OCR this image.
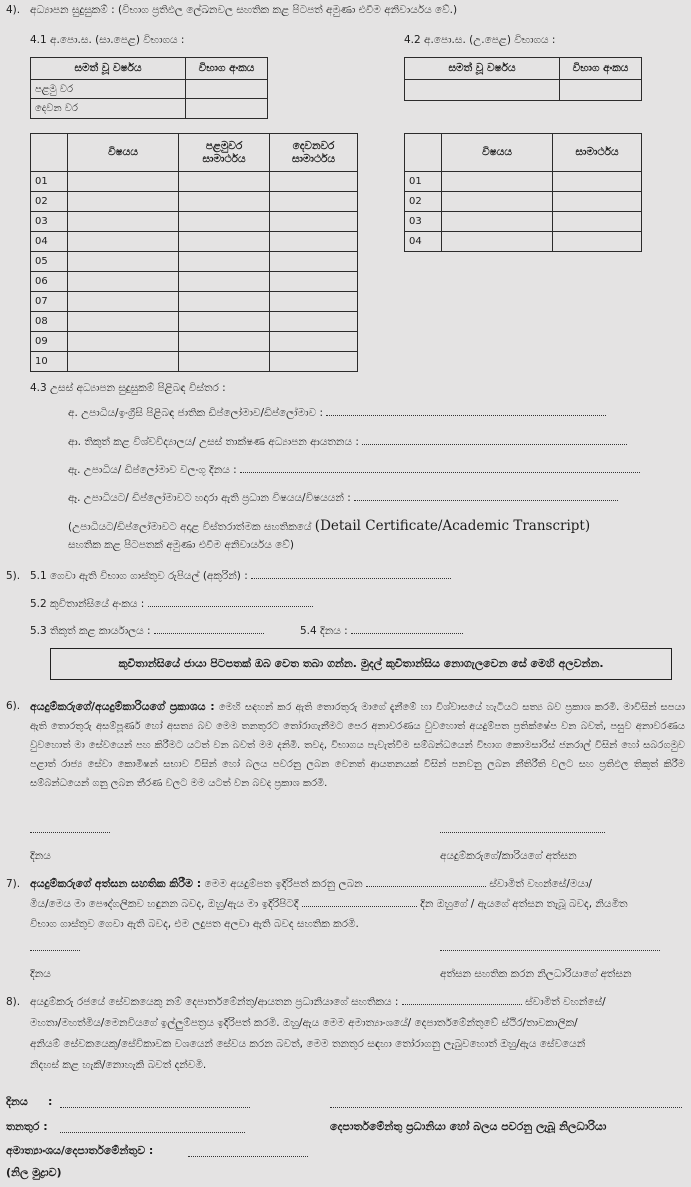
4). අධ්‍යාපන සුදුසුකම් : (විභාග ප්‍රතිඵල ලේඛනවල සහතික කළ පිටපත් අමුණා එවීම අනිවාර්යය වේ.)
4.1 අ.පො.ස. (සා.පෙළ) විභාගය :	4.2 අ.පො.ස. (උ.පෙළ) විභාගය :
සමත් වූ වර්ෂය	විභාග අංකය
පළමු වර	
දෙවන වර	
සමත් වූ වර්ෂය	විභාග අංකය

	විෂයය	පළමුවර සාමාර්ථය	දෙවනවර සාමාර්ථය
01			
02			
03			
04			
05			
06			
07			
08			
09			
10			
	විෂයය	සාමාර්ථය
01		
02		
03		
04		
4.3 උසස් අධ්‍යාපන සුදුසුකම් පිළිබඳ විස්තර :
අ. උපාධිය/ඉංග්‍රීසි පිළිබඳ ජාතික ඩිප්ලෝමාව/ඩිප්ලෝමාව :
ආ. තිකුත් කළ විශ්වවිද්‍යාලය/ උසස් තාක්ෂණ අධ්‍යාපන ආයතනය :
ඇ. උපාධිය/ ඩිප්ලෝමාව වලංගු දිනය :
ඈ. උපාධියට/ ඩිප්ලෝමාවට හදාරා ඇති ප්‍රධාන විෂයය/විෂයයන් :
(උපාධියට/ඩිප්ලෝමාවට අදාළ විස්තරාත්මක සහතිකයේ (Detail Certificate/Academic Transcript)
සහතික කළ පිටපතක් අමුණා එවීම අනිවාර්යය වේ)
5). 5.1 ගෙවා ඇති විභාග ගාස්තුව රුපියල් (අකුරින්) :
5.2 කුවිතාන්සියේ අංකය :
5.3 තිකුත් කළ කාර්යාලය :	5.4 දිනය :
කුවිතාන්සියේ ජායා පිටපතක් ඔබ වෙත තබා ගන්න. මුදල් කුවිතාන්සිය නොගැලවෙන සේ මෙහි අලවන්න.
6). අයදුම්කරුගේ/අයදුම්කාරියගේ ප්‍රකාශය : මෙහි සඳහන් කර ඇති තොරතුරු මාගේ දැනීමේ හා විශ්වාසයේ හැටියට සත්‍ය බව ප්‍රකාශ කරමි. මාවිසින් සපයා ඇති තොරතුරු අසම්පූර්ණ හෝ අසත්‍ය බව මෙම තනතුරට තෝරාගැනීමට පෙර අනාවරණය වුවහොත් අයදුම්පත ප්‍රතික්ෂේප වන බවත්, පසුව අනාවරණය වුවහොත් මා සේවයෙන් පහ කිරීමට යටත් වන බවත් මම දනිමි. තවද, විභාගය පැවැත්වීම සම්බන්ධයෙන් විභාග කොමසාරිස් ජනරාල් විසින් හෝ සබරගමුව පළාත් රාජ්‍ය සේවා කොමිෂන් සභාව විසින් හෝ බලය පවරනු ලබන වෙනත් ආයතනයක් විසින් පනවනු ලබන නීතිරීති වලට සහ ප්‍රතිඵල තිකුත් කිරීම සම්බන්ධයෙන් ගනු ලබන තීරණ වලට මම යටත් වන බවද ප්‍රකාශ කරමි.
දිනය	අයදුම්කරුගේ/කාරියගේ අත්සන
7). අයදුම්කරුගේ අත්සන සහතික කිරීම : මෙම අයදුම්පත ඉදිරිපත් කරනු ලබන	ස්වාමිත් වහන්සේ/මයා/
මිය/මෙය මා පෞද්ගලිකව හඳුනන බවද, ඔහු/ඇය මා ඉදිරිපිටදී	දින ඔහුගේ / ඇයගේ අත්සන තැබූ බවද, නියමිත
විභාග ගාස්තුව ගෙවා ඇති බවද, එම ලදුපත අලවා ඇති බවද සහතික කරමි.
දිනය	අත්සන සහතික කරන නිලධාරියාගේ අත්සන
8). අයදුම්කරු රජයේ සේවකයෙකු නම් දෙපාර්තමේන්තු/ආයතන ප්‍රධානියාගේ සහතිකය :	ස්වාමිත් වහන්සේ/
මහතා/මහත්මිය/මෙනවියගේ ඉල්ලුම්පත්‍රය ඉදිරිපත් කරමි. ඔහු/ඇය මෙම අමාත්‍යාංශයේ/ දෙපාර්තමේන්තුවේ ස්ථිර/තාවකාලික/
අනියම් සේවකයෙකු/සේවිකාවක වශයෙන් සේවය කරන බවත්, මෙම තනතුර සඳහා තෝරාගනු ලැබුවහොත් ඔහු/ඇය සේවයෙන්
නිදහස් කළ හැකි/නොහැකි බවත් දන්වමි.
දිනය :
තනතුර :	දෙපාර්තමේන්තු ප්‍රධානියා හෝ බලය පවරනු ලැබූ නිලධාරියා
අමාත්‍යාංශය/දෙපාර්තමේන්තුව :
(නිල මුද්‍රාව)
